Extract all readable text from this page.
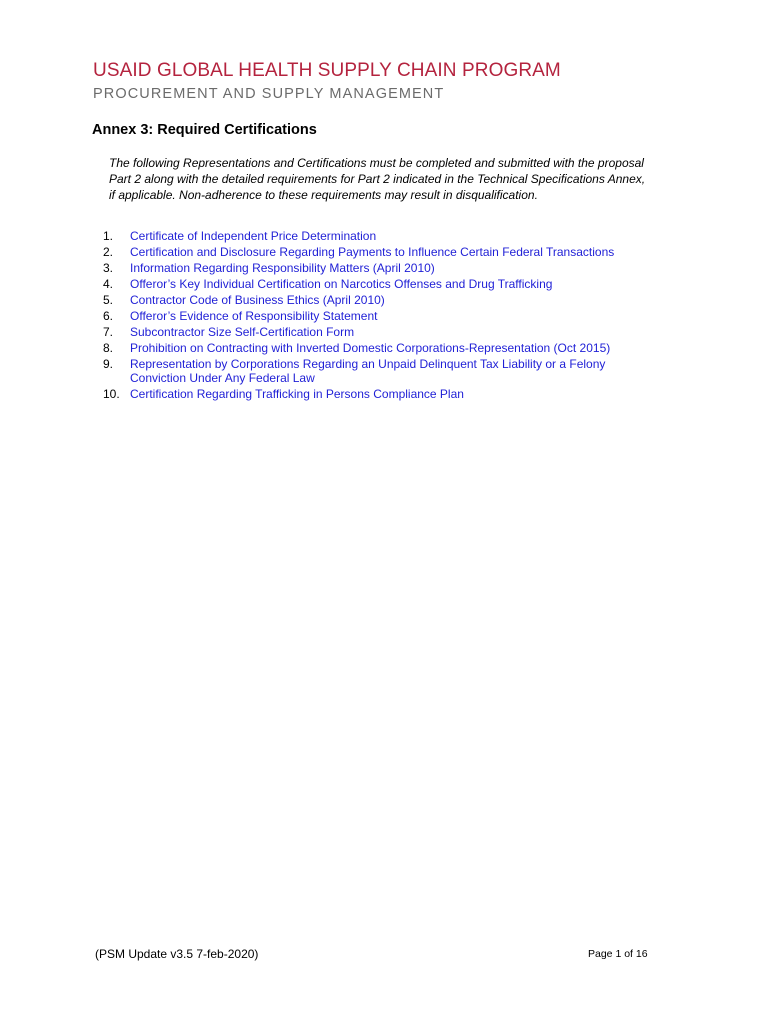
USAID GLOBAL HEALTH SUPPLY CHAIN PROGRAM
PROCUREMENT AND SUPPLY MANAGEMENT
Annex 3: Required Certifications
The following Representations and Certifications must be completed and submitted with the proposal
Part 2 along with the detailed requirements for Part 2 indicated in the Technical Specifications Annex,
if applicable. Non-adherence to these requirements may result in disqualification.
1.	Certificate of Independent Price Determination
2.	Certification and Disclosure Regarding Payments to Influence Certain Federal Transactions
3.	Information Regarding Responsibility Matters (April 2010)
4.	Offeror’s Key Individual Certification on Narcotics Offenses and Drug Trafficking
5.	Contractor Code of Business Ethics (April 2010)
6.	Offeror’s Evidence of Responsibility Statement
7.	Subcontractor Size Self-Certification Form
8.	Prohibition on Contracting with Inverted Domestic Corporations-Representation (Oct 2015)
9.	Representation by Corporations Regarding an Unpaid Delinquent Tax Liability or a Felony Conviction Under Any Federal Law
10. Certification Regarding Trafficking in Persons Compliance Plan
(PSM Update v3.5 7-feb-2020)	Page 1 of 16
